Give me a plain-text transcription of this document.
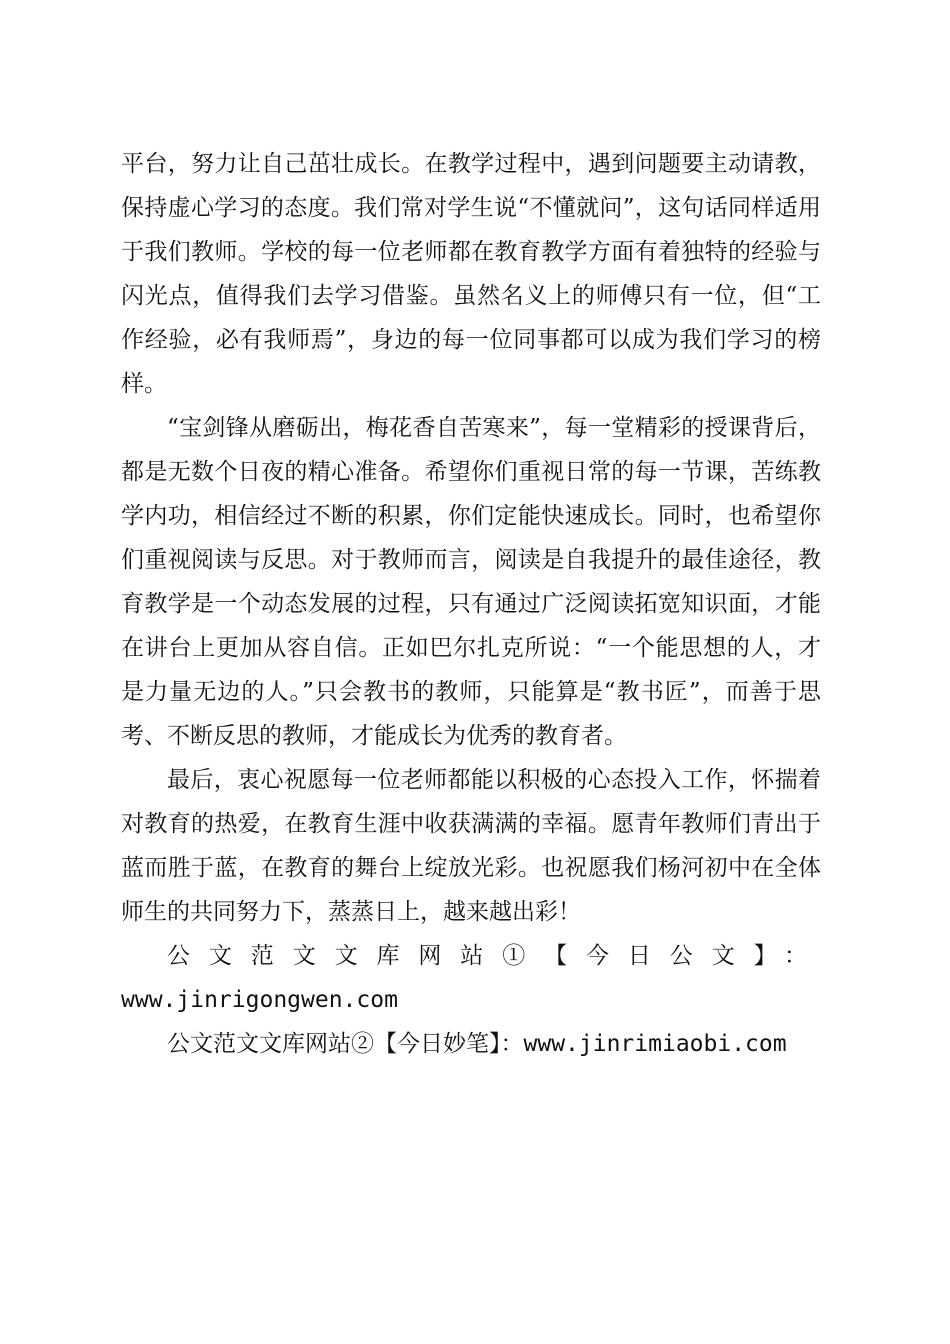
平台，努力让自己茁壮成长。在教学过程中，遇到问题要主动请教，保持虚心学习的态度。我们常对学生说“不懂就问”，这句话同样适用于我们教师。学校的每一位老师都在教育教学方面有着独特的经验与闪光点，值得我们去学习借鉴。虽然名义上的师傅只有一位，但“工作经验，必有我师焉”，身边的每一位同事都可以成为我们学习的榜样。

“宝剑锋从磨砺出，梅花香自苦寒来”，每一堂精彩的授课背后，都是无数个日夜的精心准备。希望你们重视日常的每一节课，苦练教学内功，相信经过不断的积累，你们定能快速成长。同时，也希望你们重视阅读与反思。对于教师而言，阅读是自我提升的最佳途径，教育教学是一个动态发展的过程，只有通过广泛阅读拓宽知识面，才能在讲台上更加从容自信。正如巴尔扎克所说：“一个能思想的人，才是力量无边的人。”只会教书的教师，只能算是“教书匠”，而善于思考、不断反思的教师，才能成长为优秀的教育者。

最后，衷心祝愿每一位老师都能以积极的心态投入工作，怀揣着对教育的热爱，在教育生涯中收获满满的幸福。愿青年教师们青出于蓝而胜于蓝，在教育的舞台上绽放光彩。也祝愿我们杨河初中在全体师生的共同努力下，蒸蒸日上，越来越出彩！

公文范文文库网站①【今日公文】：

www.jinrigongwen.com

公文范文文库网站②【今日妙笔】：www.jinrimiaobi.com
